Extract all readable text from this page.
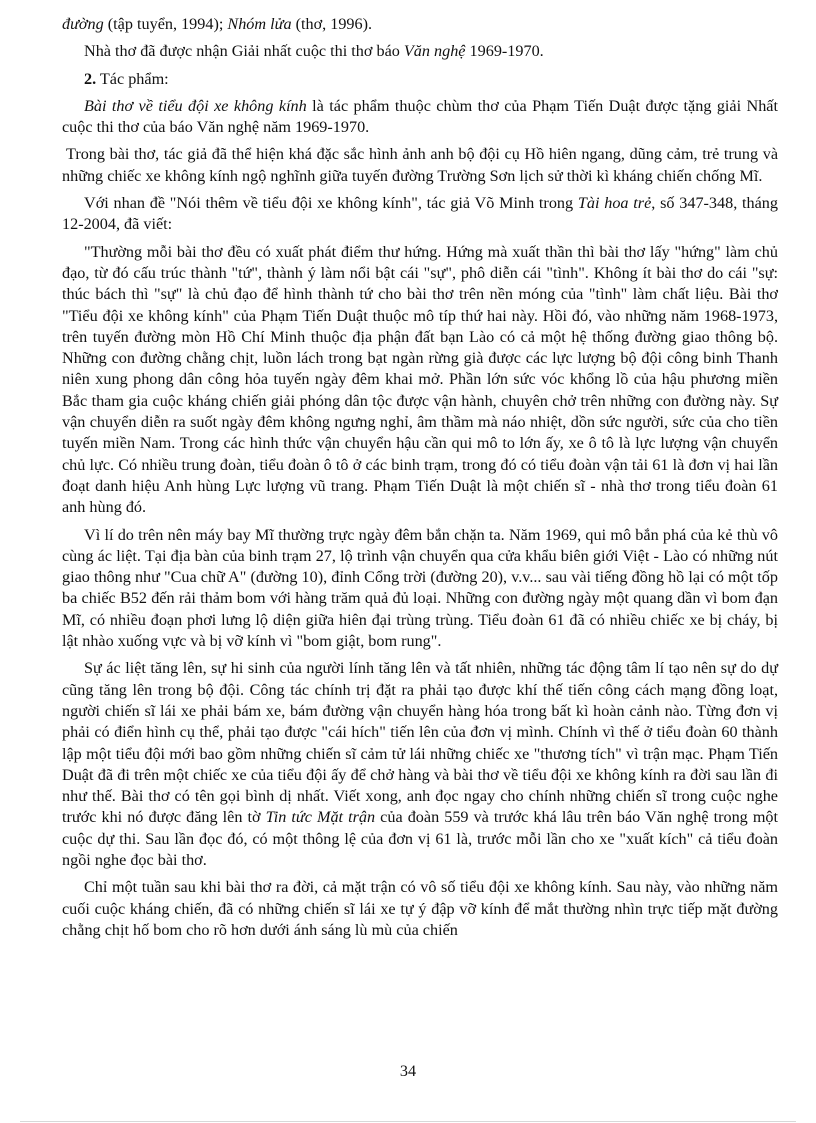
đường (tập tuyển, 1994); Nhóm lửa (thơ, 1996).

Nhà thơ đã được nhận Giải nhất cuộc thi thơ báo Văn nghệ 1969-1970.

2. Tác phẩm:

Bài thơ về tiểu đội xe không kính là tác phẩm thuộc chùm thơ của Phạm Tiến Duật được tặng giải Nhất cuộc thi thơ của báo Văn nghệ năm 1969-1970.

Trong bài thơ, tác giả đã thể hiện khá đặc sắc hình ảnh anh bộ đội cụ Hồ hiên ngang, dũng cảm, trẻ trung và những chiếc xe không kính ngộ nghĩnh giữa tuyến đường Trường Sơn lịch sử thời kì kháng chiến chống Mĩ.

Với nhan đề "Nói thêm về tiểu đội xe không kính", tác giả Võ Minh trong Tài hoa trẻ, số 347-348, tháng 12-2004, đã viết:

"Thường mỗi bài thơ đều có xuất phát điểm thư hứng. Hứng mà xuất thần thì bài thơ lấy "hứng" làm chủ đạo, từ đó cấu trúc thành "tứ", thành ý làm nổi bật cái "sự", phô diễn cái "tình". Không ít bài thơ do cái "sự: thúc bách thì "sự" là chủ đạo để hình thành tứ cho bài thơ trên nền móng của "tình" làm chất liệu. Bài thơ "Tiểu đội xe không kính" của Phạm Tiến Duật thuộc mô típ thứ hai này. Hồi đó, vào những năm 1968-1973, trên tuyến đường mòn Hồ Chí Minh thuộc địa phận đất bạn Lào có cả một hệ thống đường giao thông bộ. Những con đường chằng chịt, luồn lách trong bạt ngàn rừng già được các lực lượng bộ đội công binh Thanh niên xung phong dân công hỏa tuyến ngày đêm khai mở. Phần lớn sức vóc khổng lồ của hậu phương miền Bắc tham gia cuộc kháng chiến giải phóng dân tộc được vận hành, chuyên chở trên những con đường này. Sự vận chuyển diễn ra suốt ngày đêm không ngưng nghỉ, âm thầm mà náo nhiệt, dồn sức người, sức của cho tiền tuyến miền Nam. Trong các hình thức vận chuyển hậu cần qui mô to lớn ấy, xe ô tô là lực lượng vận chuyển chủ lực. Có nhiều trung đoàn, tiểu đoàn ô tô ở các binh trạm, trong đó có tiểu đoàn vận tải 61 là đơn vị hai lần đoạt danh hiệu Anh hùng Lực lượng vũ trang. Phạm Tiến Duật là một chiến sĩ - nhà thơ trong tiểu đoàn 61 anh hùng đó.

Vì lí do trên nên máy bay Mĩ thường trực ngày đêm bắn chặn ta. Năm 1969, qui mô bắn phá của kẻ thù vô cùng ác liệt. Tại địa bàn của binh trạm 27, lộ trình vận chuyển qua cửa khẩu biên giới Việt - Lào có những nút giao thông như "Cua chữ A" (đường 10), đỉnh Cổng trời (đường 20), v.v... sau vài tiếng đồng hồ lại có một tốp ba chiếc B52 đến rải thảm bom với hàng trăm quả đủ loại. Những con đường ngày một quang dần vì bom đạn Mĩ, có nhiều đoạn phơi lưng lộ diện giữa hiên đại trùng trùng. Tiểu đoàn 61 đã có nhiều chiếc xe bị cháy, bị lật nhào xuống vực và bị vỡ kính vì "bom giật, bom rung".

Sự ác liệt tăng lên, sự hi sinh của người lính tăng lên và tất nhiên, những tác động tâm lí tạo nên sự do dự cũng tăng lên trong bộ đội. Công tác chính trị đặt ra phải tạo được khí thế tiến công cách mạng đồng loạt, người chiến sĩ lái xe phải bám xe, bám đường vận chuyển hàng hóa trong bất kì hoàn cảnh nào. Từng đơn vị phải có điển hình cụ thể, phải tạo được "cái hích" tiến lên của đơn vị mình. Chính vì thế ở tiểu đoàn 60 thành lập một tiểu đội mới bao gồm những chiến sĩ cảm tử lái những chiếc xe "thương tích" vì trận mạc. Phạm Tiến Duật đã đi trên một chiếc xe của tiểu đội ấy để chở hàng và bài thơ về tiểu đội xe không kính ra đời sau lần đi như thế. Bài thơ có tên gọi bình dị nhất. Viết xong, anh đọc ngay cho chính những chiến sĩ trong cuộc nghe trước khi nó được đăng lên tờ Tin tức Mặt trận của đoàn 559 và trước khá lâu trên báo Văn nghệ trong một cuộc dự thi. Sau lần đọc đó, có một thông lệ của đơn vị 61 là, trước mỗi lần cho xe "xuất kích" cả tiểu đoàn ngồi nghe đọc bài thơ.

Chỉ một tuần sau khi bài thơ ra đời, cả mặt trận có vô số tiểu đội xe không kính. Sau này, vào những năm cuối cuộc kháng chiến, đã có những chiến sĩ lái xe tự ý đập vỡ kính để mắt thường nhìn trực tiếp mặt đường chằng chịt hố bom cho rõ hơn dưới ánh sáng lù mù của chiến

34
